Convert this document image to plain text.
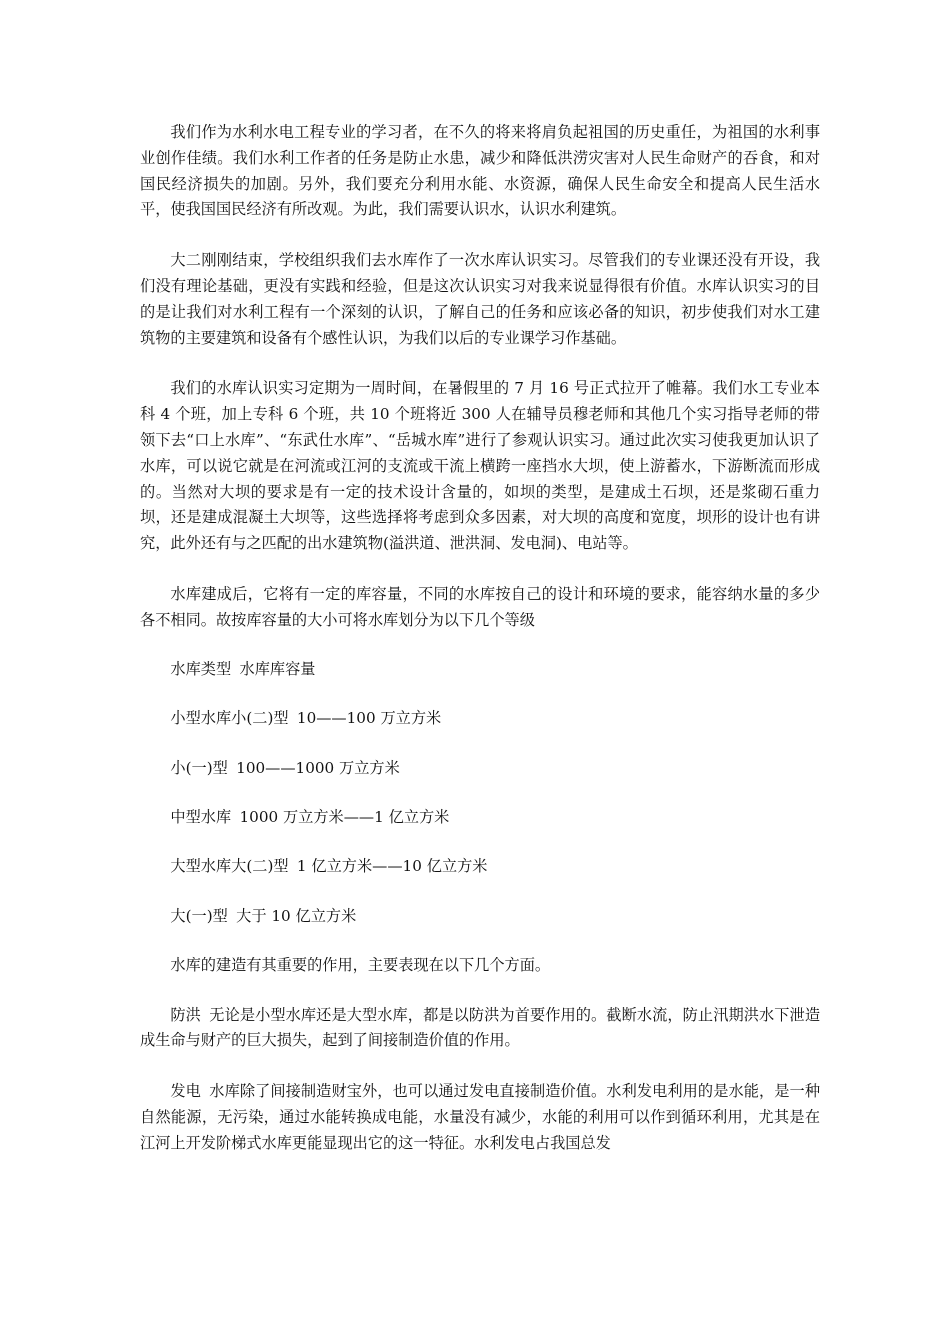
我们作为水利水电工程专业的学习者，在不久的将来将肩负起祖国的历史重任，为祖国的水利事业创作佳绩。我们水利工作者的任务是防止水患，减少和降低洪涝灾害对人民生命财产的吞食，和对国民经济损失的加剧。另外，我们要充分利用水能、水资源，确保人民生命安全和提高人民生活水平，使我国国民经济有所改观。为此，我们需要认识水，认识水利建筑。

大二刚刚结束，学校组织我们去水库作了一次水库认识实习。尽管我们的专业课还没有开设，我们没有理论基础，更没有实践和经验，但是这次认识实习对我来说显得很有价值。水库认识实习的目的是让我们对水利工程有一个深刻的认识，了解自己的任务和应该必备的知识，初步使我们对水工建筑物的主要建筑和设备有个感性认识，为我们以后的专业课学习作基础。

我们的水库认识实习定期为一周时间，在暑假里的 7 月 16 号正式拉开了帷幕。我们水工专业本科 4 个班，加上专科 6 个班，共 10 个班将近 300 人在辅导员穆老师和其他几个实习指导老师的带领下去“口上水库”、“东武仕水库”、“岳城水库”进行了参观认识实习。通过此次实习使我更加认识了水库，可以说它就是在河流或江河的支流或干流上横跨一座挡水大坝，使上游蓄水，下游断流而形成的。当然对大坝的要求是有一定的技术设计含量的，如坝的类型，是建成土石坝，还是浆砌石重力坝，还是建成混凝土大坝等，这些选择将考虑到众多因素，对大坝的高度和宽度，坝形的设计也有讲究，此外还有与之匹配的出水建筑物(溢洪道、泄洪洞、发电洞)、电站等。

水库建成后，它将有一定的库容量，不同的水库按自己的设计和环境的要求，能容纳水量的多少各不相同。故按库容量的大小可将水库划分为以下几个等级

水库类型 水库库容量
小型水库小(二)型 10——100 万立方米
小(一)型 100——1000 万立方米
中型水库 1000 万立方米——1 亿立方米
大型水库大(二)型 1 亿立方米——10 亿立方米
大(一)型 大于 10 亿立方米

水库的建造有其重要的作用，主要表现在以下几个方面。

防洪 无论是小型水库还是大型水库，都是以防洪为首要作用的。截断水流，防止汛期洪水下泄造成生命与财产的巨大损失，起到了间接制造价值的作用。

发电 水库除了间接制造财宝外，也可以通过发电直接制造价值。水利发电利用的是水能，是一种自然能源，无污染，通过水能转换成电能，水量没有减少，水能的利用可以作到循环利用，尤其是在江河上开发阶梯式水库更能显现出它的这一特征。水利发电占我国总发
